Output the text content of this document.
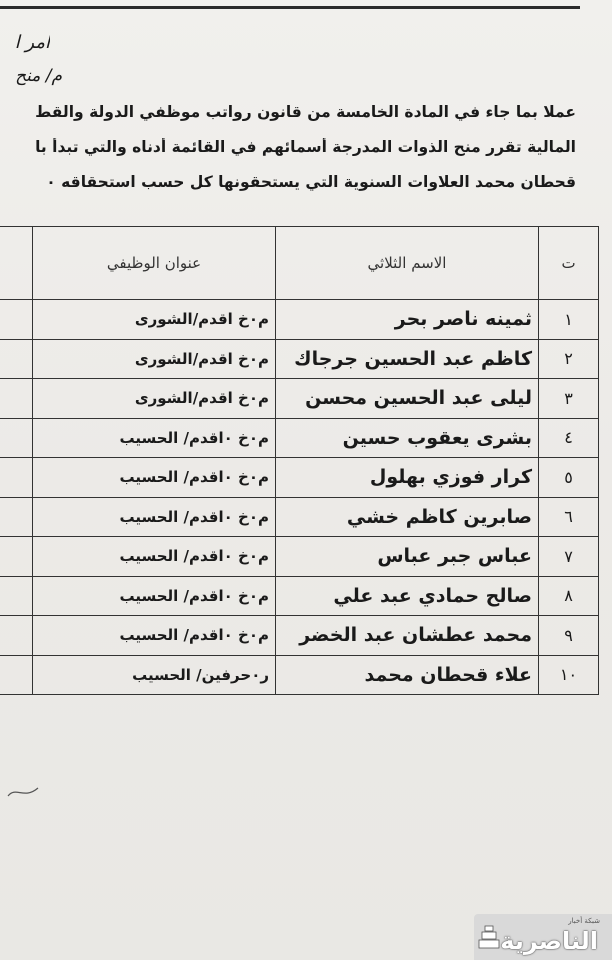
امر ا
م/ منح
عملا بما جاء في المادة الخامسة من قانون رواتب موظفي الدولة والقط
المالية تقرر منح الذوات المدرجة أسمائهم في القائمة أدناه والتي تبدأ با
قحطان محمد العلاوات السنوية التي يستحقونها كل حسب استحقاقه ٠
ت	الاسم الثلاثي	عنوان الوظيفي	
١	ثمينه ناصر بحر	م٠خ اقدم/الشورى	
٢	كاظم عبد الحسين جرجاك	م٠خ اقدم/الشورى	
٣	ليلى عبد الحسين محسن	م٠خ اقدم/الشورى	
٤	بشرى يعقوب حسين	م٠خ ٠اقدم/ الحسيب	
٥	كرار فوزي بهلول	م٠خ ٠اقدم/ الحسيب	
٦	صابرين كاظم خشي	م٠خ ٠اقدم/ الحسيب	
٧	عباس جبر عباس	م٠خ ٠اقدم/ الحسيب	
٨	صالح حمادي عبد علي	م٠خ ٠اقدم/ الحسيب	
٩	محمد عطشان عبد الخضر	م٠خ ٠اقدم/ الحسيب	
١٠	علاء قحطان محمد	ر٠حرفين/ الحسيب	
شبكة أخبار
الناصرية
